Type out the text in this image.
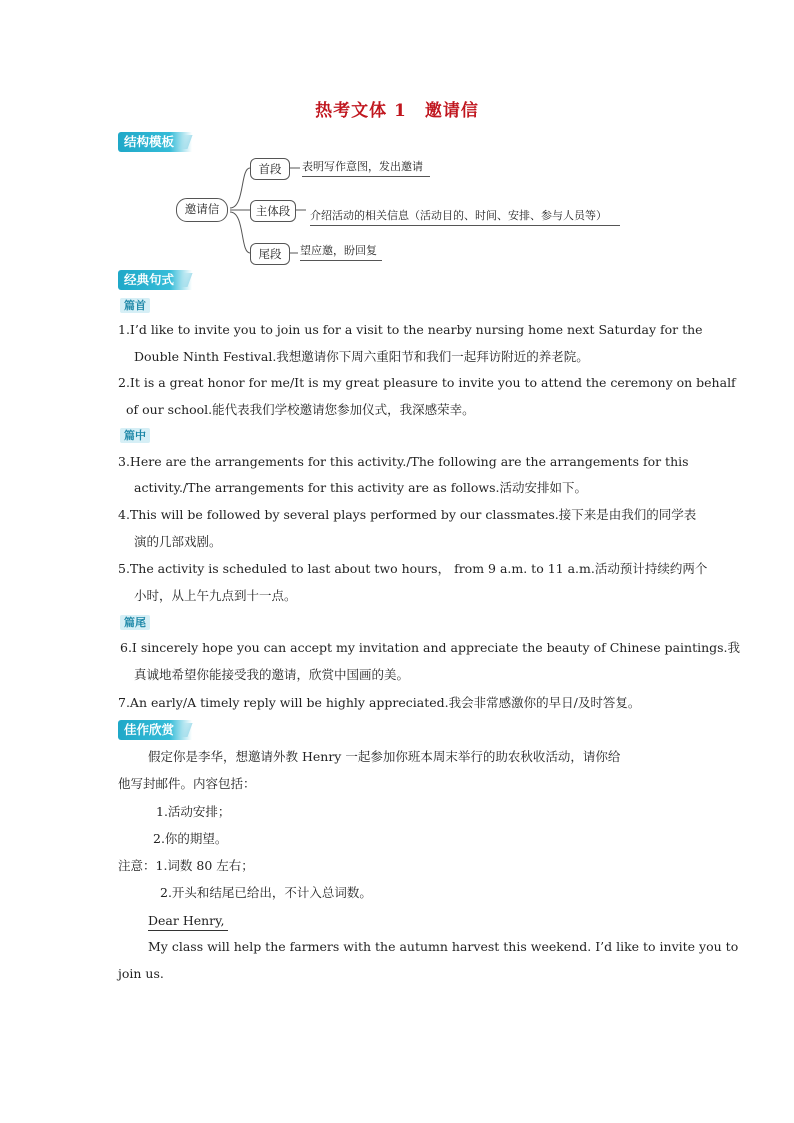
热考文体 1　邀请信
结构模板
邀请信
首段
主体段
尾段
表明写作意图，发出邀请
介绍活动的相关信息（活动目的、时间、安排、参与人员等）
望应邀，盼回复
经典句式
篇首
1.I’d like to invite you to join us for a visit to the nearby nursing home next Saturday for the
Double Ninth Festival.我想邀请你下周六重阳节和我们一起拜访附近的养老院。
2.It is a great honor for me/It is my great pleasure to invite you to attend the ceremony on behalf
of our school.能代表我们学校邀请您参加仪式，我深感荣幸。
篇中
3.Here are the arrangements for this activity./The following are the arrangements for this
activity./The arrangements for this activity are as follows.活动安排如下。
4.This will be followed by several plays performed by our classmates.接下来是由我们的同学表
演的几部戏剧。
5.The activity is scheduled to last about two hours， from 9 a.m. to 11 a.m.活动预计持续约两个
小时，从上午九点到十一点。
篇尾
6.I sincerely hope you can accept my invitation and appreciate the beauty of Chinese paintings.我
真诚地希望你能接受我的邀请，欣赏中国画的美。
7.An early/A timely reply will be highly appreciated.我会非常感激你的早日/及时答复。
佳作欣赏
假定你是李华，想邀请外教 Henry 一起参加你班本周末举行的助农秋收活动，请你给
他写封邮件。内容包括：
1.活动安排；
2.你的期望。
注意：1.词数 80 左右；
2.开头和结尾已给出，不计入总词数。
Dear Henry,
My class will help the farmers with the autumn harvest this weekend. I’d like to invite you to
join us.
